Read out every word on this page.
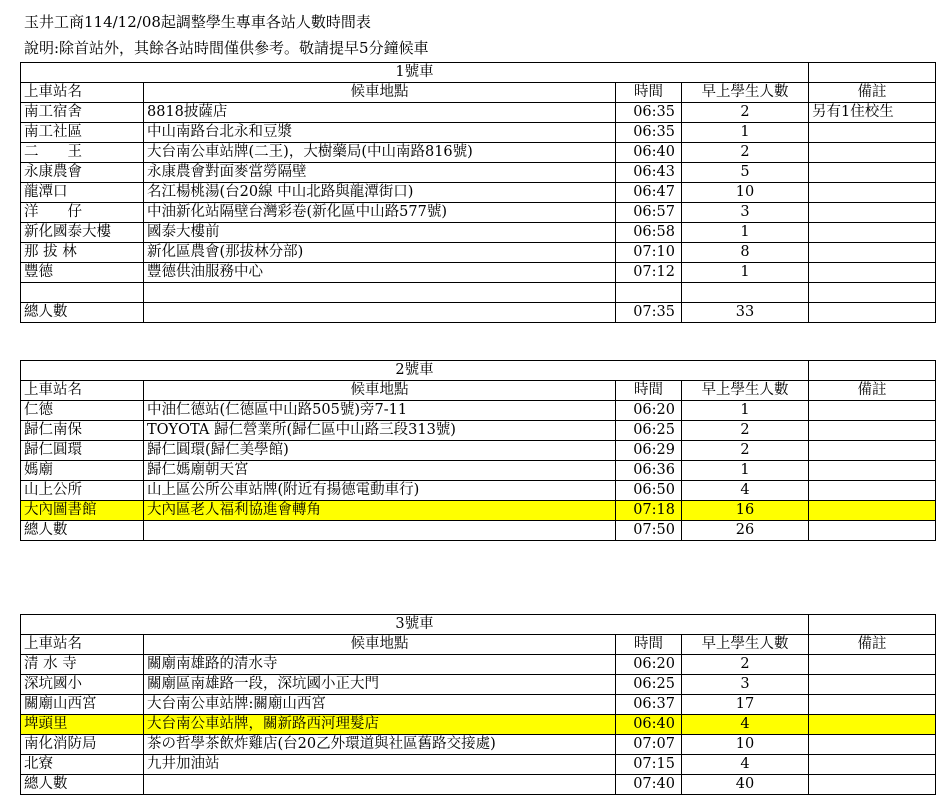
玉井工商114/12/08起調整學生專車各站人數時間表
說明:除首站外，其餘各站時間僅供參考。敬請提早5分鐘候車
1號車				
上車站名	候車地點	時間	早上學生人數	備註
南工宿舍	8818披薩店	06:35	2	另有1住校生
南工社區	中山南路台北永和豆漿	06:35	1	
二　　王	大台南公車站牌(二王)，大樹藥局(中山南路816號)	06:40	2	
永康農會	永康農會對面麥當勞隔壁	06:43	5	
龍潭口	名江楊桃湯(台20線 中山北路與龍潭街口)	06:47	10	
洋　　仔	中油新化站隔壁台灣彩卷(新化區中山路577號)	06:57	3	
新化國泰大樓	國泰大樓前	06:58	1	
那 拔 林	新化區農會(那拔林分部)	07:10	8	
豐德	豐德供油服務中心	07:12	1	

總人數		07:35	33	
2號車				
上車站名	候車地點	時間	早上學生人數	備註
仁德	中油仁德站(仁德區中山路505號)旁7-11	06:20	1	
歸仁南保	TOYOTA 歸仁營業所(歸仁區中山路三段313號)	06:25	2	
歸仁圓環	歸仁圓環(歸仁美學館)	06:29	2	
媽廟	歸仁媽廟朝天宮	06:36	1	
山上公所	山上區公所公車站牌(附近有揚德電動車行)	06:50	4	
大內圖書館	大內區老人福利協進會轉角	07:18	16	
總人數		07:50	26	
3號車				
上車站名	候車地點	時間	早上學生人數	備註
清 水 寺	關廟南雄路的清水寺	06:20	2	
深坑國小	關廟區南雄路一段，深坑國小正大門	06:25	3	
關廟山西宮	大台南公車站牌:關廟山西宮	06:37	17	
埤頭里	大台南公車站牌，關新路西河理髮店	06:40	4	
南化消防局	茶の哲學茶飲炸雞店(台20乙外環道與社區舊路交接處)	07:07	10	
北寮	九井加油站	07:15	4	
總人數		07:40	40	
